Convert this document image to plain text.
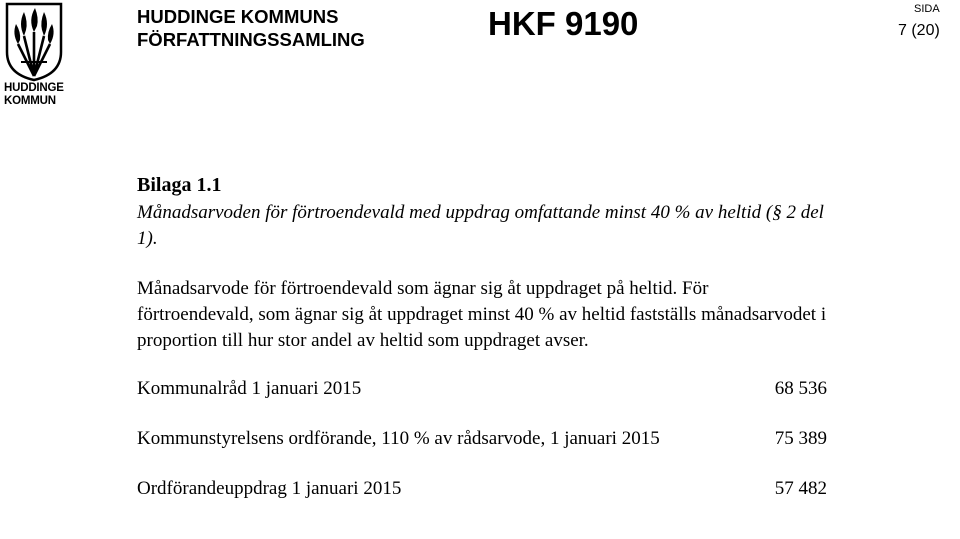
HUDDINGE
KOMMUN
HUDDINGE KOMMUNS
FÖRFATTNINGSSAMLING	HKF 9190	SIDA
7 (20)
Bilaga 1.1
Månadsarvoden för förtroendevald med uppdrag omfattande minst 40 % av heltid (§ 2 del 1).
Månadsarvode för förtroendevald som ägnar sig åt uppdraget på heltid. För förtroendevald, som ägnar sig åt uppdraget minst 40 % av heltid fastställs månadsarvodet i proportion till hur stor andel av heltid som uppdraget avser.
Kommunalråd 1 januari 2015	68 536
Kommunstyrelsens ordförande, 110 % av rådsarvode, 1 januari 2015	75 389
Ordförandeuppdrag 1 januari 2015	57 482
